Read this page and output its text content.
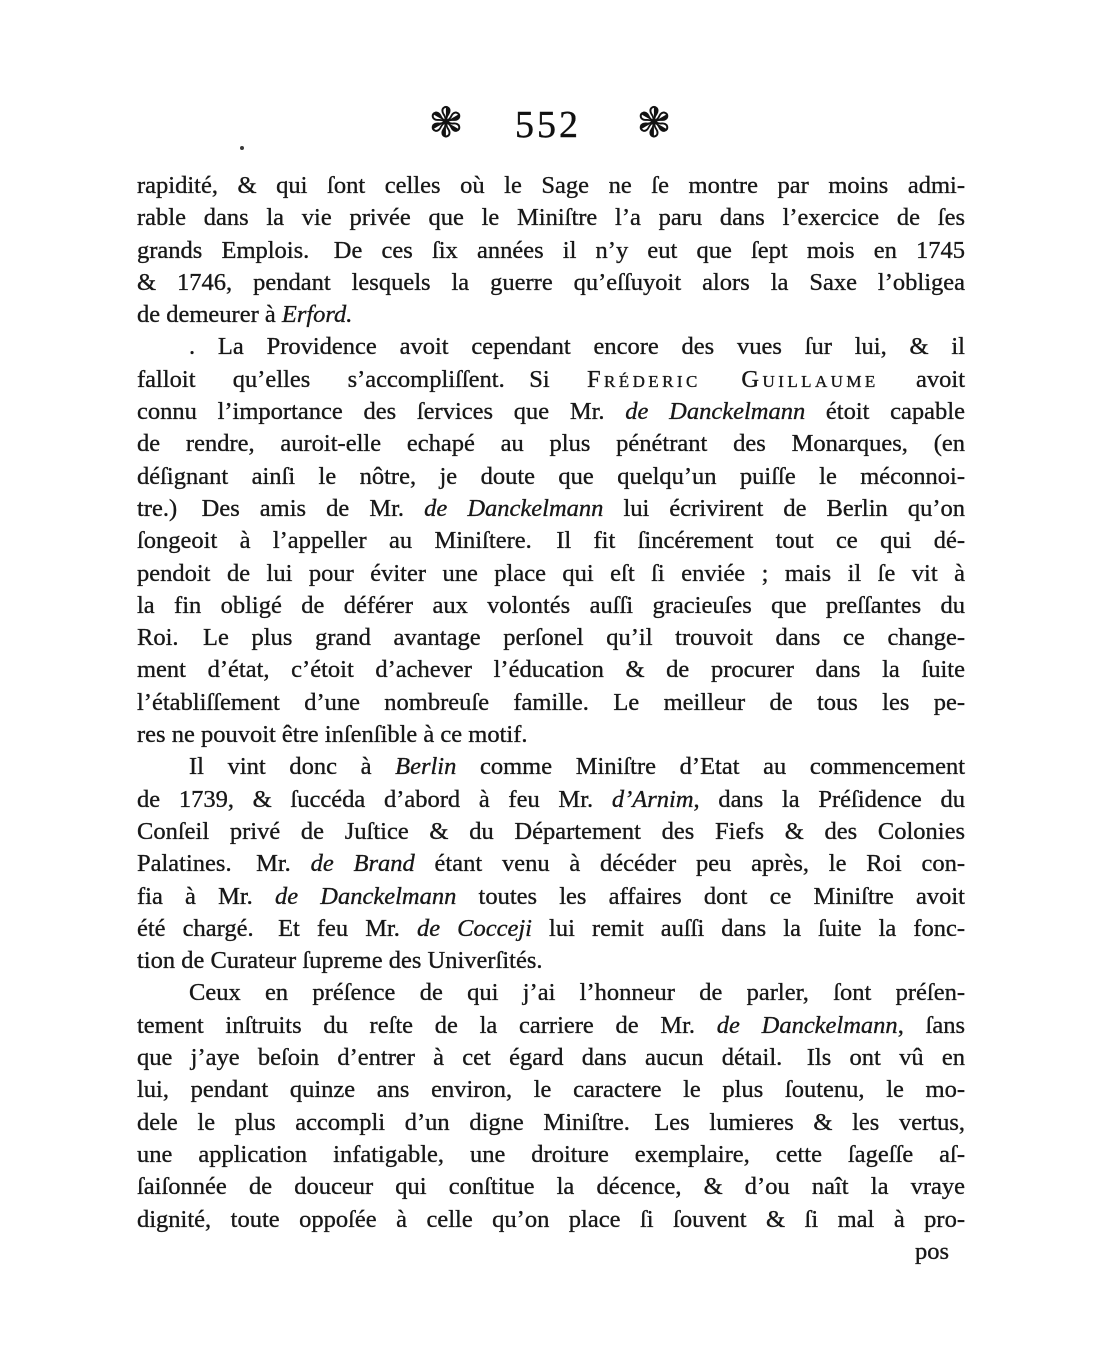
❃ 552 ❃
rapidité, & qui ſont celles où le Sage ne ſe montre par moins admi-
rable dans la vie privée que le Miniſtre l’a paru dans l’exercice de ſes
grands Emplois. De ces ſix années il n’y eut que ſept mois en 1745
& 1746, pendant lesquels la guerre qu’eſſuyoit alors la Saxe l’obligea
de demeurer à Erford.
. La Providence avoit cependant encore des vues ſur lui, & il
falloit qu’elles s’accompliſſent. Si Fréderic Guillaume avoit
connu l’importance des ſervices que Mr. de Danckelmann étoit capable
de rendre, auroit-elle echapé au plus pénétrant des Monarques, (en
déſignant ainſi le nôtre, je doute que quelqu’un puiſſe le méconnoi-
tre.) Des amis de Mr. de Danckelmann lui écrivirent de Berlin qu’on
ſongeoit à l’appeller au Miniſtere. Il fit ſincérement tout ce qui dé-
pendoit de lui pour éviter une place qui eſt ſi enviée ; mais il ſe vit à
la fin obligé de déférer aux volontés auſſi gracieuſes que preſſantes du
Roi. Le plus grand avantage perſonel qu’il trouvoit dans ce change-
ment d’état, c’étoit d’achever l’éducation & de procurer dans la ſuite
l’établiſſement d’une nombreuſe famille. Le meilleur de tous les pe-
res ne pouvoit être inſenſible à ce motif.
Il vint donc à Berlin comme Miniſtre d’Etat au commencement
de 1739, & ſuccéda d’abord à feu Mr. d’Arnim, dans la Préſidence du
Conſeil privé de Juſtice & du Département des Fiefs & des Colonies
Palatines. Mr. de Brand étant venu à décéder peu après, le Roi con-
fia à Mr. de Danckelmann toutes les affaires dont ce Miniſtre avoit
été chargé. Et feu Mr. de Cocceji lui remit auſſi dans la ſuite la fonc-
tion de Curateur ſupreme des Univerſités.
Ceux en préſence de qui j’ai l’honneur de parler, ſont préſen-
tement inſtruits du reſte de la carriere de Mr. de Danckelmann, ſans
que j’aye beſoin d’entrer à cet égard dans aucun détail. Ils ont vû en
lui, pendant quinze ans environ, le caractere le plus ſoutenu, le mo-
dele le plus accompli d’un digne Miniſtre. Les lumieres & les vertus,
une application infatigable, une droiture exemplaire, cette ſageſſe aſ-
ſaiſonnée de douceur qui conſtitue la décence, & d’ou naît la vraye
dignité, toute oppoſée à celle qu’on place ſi ſouvent & ſi mal à pro-
pos
